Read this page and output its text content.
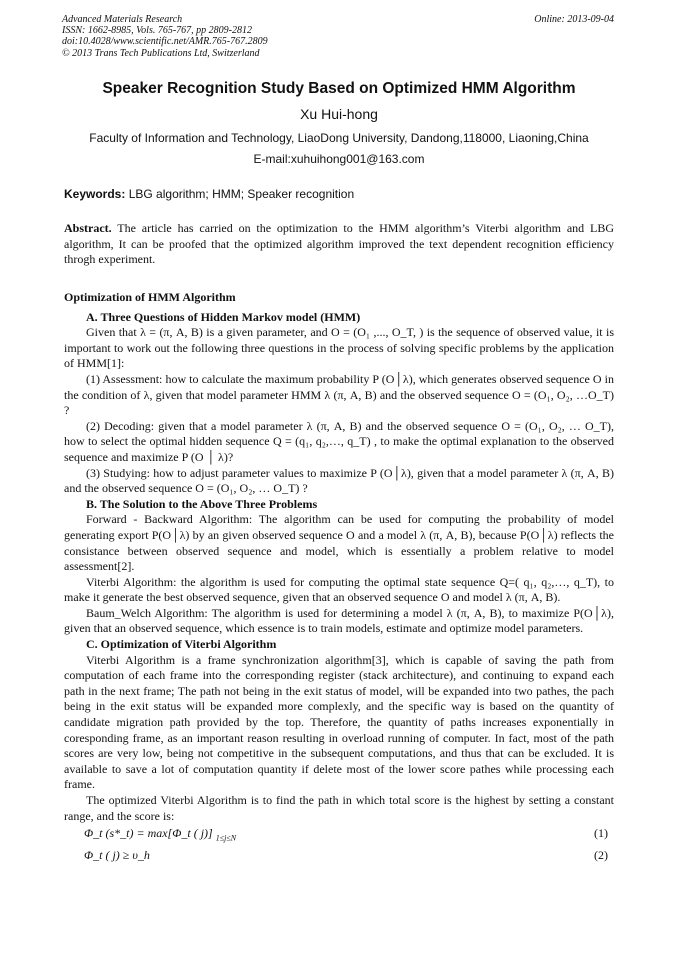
Advanced Materials Research
ISSN: 1662-8985, Vols. 765-767, pp 2809-2812
doi:10.4028/www.scientific.net/AMR.765-767.2809
© 2013 Trans Tech Publications Ltd, Switzerland
Online: 2013-09-04
Speaker Recognition Study Based on Optimized HMM Algorithm
Xu Hui-hong
Faculty of Information and Technology, LiaoDong University, Dandong,118000, Liaoning,China
E-mail:xuhuihong001@163.com
Keywords: LBG algorithm; HMM; Speaker recognition

Abstract. The article has carried on the optimization to the HMM algorithm’s Viterbi algorithm and LBG algorithm, It can be proofed that the optimized algorithm improved the text dependent recognition efficiency throgh experiment.

Optimization of HMM Algorithm

A. Three Questions of Hidden Markov model (HMM)

Given that λ = (π, A, B) is a given parameter, and O = (O₁ ,..., O_T, ) is the sequence of observed value, it is important to work out the following three questions in the process of solving specific problems by the application of HMM[1]:

(1) Assessment: how to calculate the maximum probability P (O│λ), which generates observed sequence O in the condition of λ, given that model parameter HMM λ (π, A, B) and the observed sequence O = (O₁, O₂, …O_T) ?

(2) Decoding: given that a model parameter λ (π, A, B) and the observed sequence O = (O₁, O₂, … O_T), how to select the optimal hidden sequence Q = (q₁, q₂,…, q_T) , to make the optimal explanation to the observed sequence and maximize P (O │ λ)?

(3) Studying: how to adjust parameter values to maximize P (O│λ), given that a model parameter λ (π, A, B) and the observed sequence O = (O₁, O₂, … O_T) ?

B. The Solution to the Above Three Problems

Forward - Backward Algorithm: The algorithm can be used for computing the probability of model generating export P(O│λ) by an given observed sequence O and a model λ (π, A, B), because P(O│λ) reflects the consistance between observed sequence and model, which is essentially a problem relative to model assessment[2].

Viterbi Algorithm: the algorithm is used for computing the optimal state sequence Q=( q₁, q₂,…, q_T), to make it generate the best observed sequence, given that an observed sequence O and model λ (π, A, B).

Baum_Welch Algorithm: The algorithm is used for determining a model λ (π, A, B), to maximize P(O│λ), given that an observed sequence, which essence is to train models, estimate and optimize model parameters.

C. Optimization of Viterbi Algorithm

Viterbi Algorithm is a frame synchronization algorithm[3], which is capable of saving the path from computation of each frame into the corresponding register (stack architecture), and continuing to expand each path in the next frame; The path not being in the exit status of model, will be expanded into two pathes, the pach being in the exit status will be expanded more complexly, and the specific way is based on the quantity of candidate migration path provided by the top. Therefore, the quantity of paths increases exponentially in coresponding frame, as an important reason resulting in overload running of computer. In fact, most of the path scores are very low, being not competitive in the subsequent computations, and thus that can be excluded. It is available to save a lot of computation quantity if delete most of the lower score pathes while processing each frame.

The optimized Viterbi Algorithm is to find the path in which total score is the highest by setting a constant range, and the score is:

Φ_t (s*_t) = max[Φ_t ( j)] $_{1\le j\le N}$	(1)
Φ_t ( j) ≥ υ_h	(2)
